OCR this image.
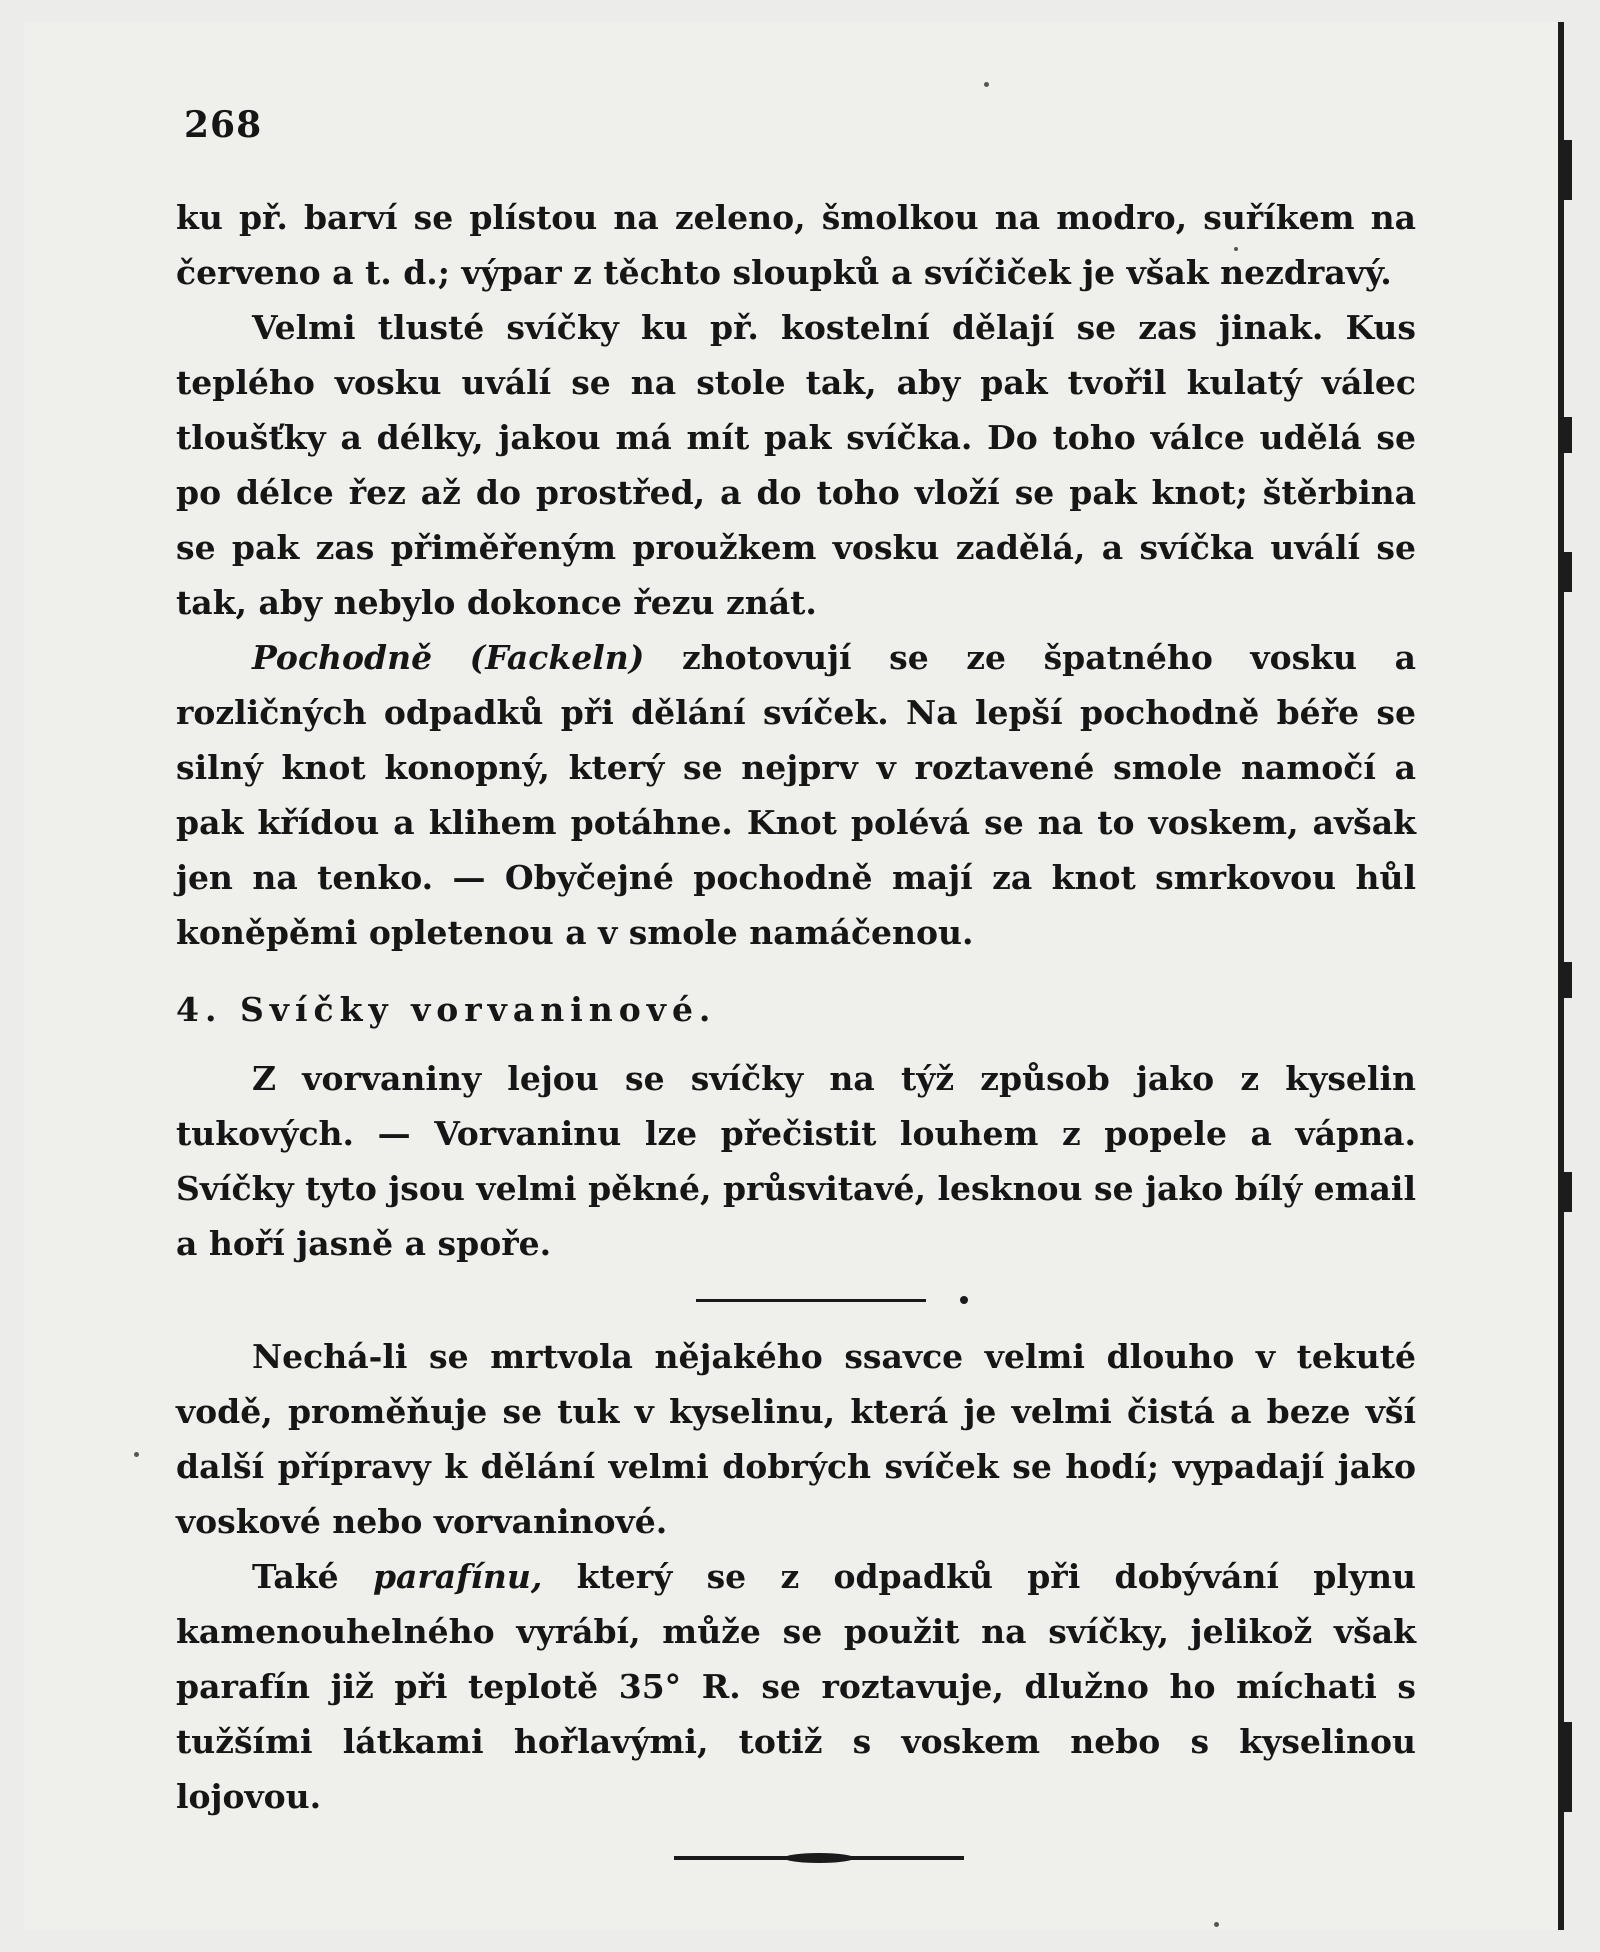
268

ku př. barví se plístou na zeleno, šmolkou na modro, suříkem na červeno a t. d.; výpar z těchto sloupků a svíčiček je však nezdravý.

Velmi tlusté svíčky ku př. kostelní dělají se zas jinak. Kus teplého vosku uválí se na stole tak, aby pak tvořil kulatý válec tloušťky a délky, jakou má mít pak svíčka. Do toho válce udělá se po délce řez až do prostřed, a do toho vloží se pak knot; štěrbina se pak zas přiměřeným proužkem vosku zadělá, a svíčka uválí se tak, aby nebylo dokonce řezu znát.

Pochodně (Fackeln) zhotovují se ze špatného vosku a rozličných odpadků při dělání svíček. Na lepší pochodně béře se silný knot konopný, který se nejprv v roztavené smole namočí a pak křídou a klihem potáhne. Knot polévá se na to voskem, avšak jen na tenko. — Obyčejné pochodně mají za knot smrkovou hůl koněpěmi opletenou a v smole namáčenou.

4. Svíčky vorvaninové.

Z vorvaniny lejou se svíčky na týž způsob jako z kyselin tukových. — Vorvaninu lze přečistit louhem z popele a vápna. Svíčky tyto jsou velmi pěkné, průsvitavé, lesknou se jako bílý email a hoří jasně a spoře.

Nechá-li se mrtvola nějakého ssavce velmi dlouho v tekuté vodě, proměňuje se tuk v kyselinu, která je velmi čistá a beze vší další přípravy k dělání velmi dobrých svíček se hodí; vypadají jako voskové nebo vorvaninové.

Také parafínu, který se z odpadků při dobývání plynu kamenouhelného vyrábí, může se použit na svíčky, jelikož však parafín již při teplotě 35° R. se roztavuje, dlužno ho míchati s tužšími látkami hořlavými, totiž s voskem nebo s kyselinou lojovou.
